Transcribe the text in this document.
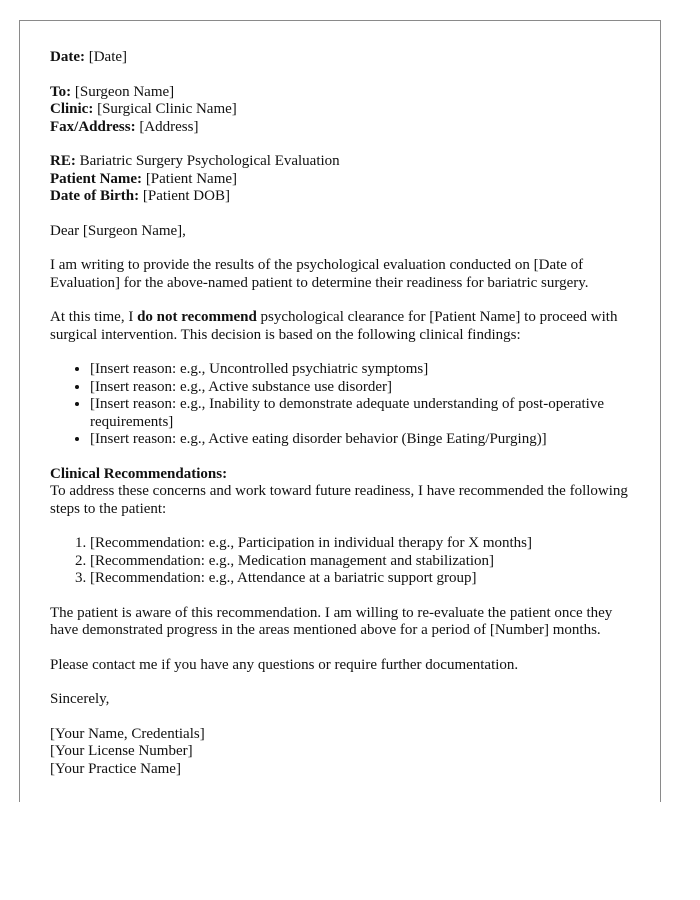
Date: [Date]

To: [Surgeon Name]

Clinic: [Surgical Clinic Name]

Fax/Address: [Address]

RE: Bariatric Surgery Psychological Evaluation

Patient Name: [Patient Name]

Date of Birth: [Patient DOB]

Dear [Surgeon Name],

I am writing to provide the results of the psychological evaluation conducted on [Date of Evaluation] for the above-named patient to determine their readiness for bariatric surgery.

At this time, I do not recommend psychological clearance for [Patient Name] to proceed with surgical intervention. This decision is based on the following clinical findings:

• [Insert reason: e.g., Uncontrolled psychiatric symptoms]
• [Insert reason: e.g., Active substance use disorder]
• [Insert reason: e.g., Inability to demonstrate adequate understanding of post-operative requirements]
• [Insert reason: e.g., Active eating disorder behavior (Binge Eating/Purging)]

Clinical Recommendations:

To address these concerns and work toward future readiness, I have recommended the following steps to the patient:

1. [Recommendation: e.g., Participation in individual therapy for X months]
2. [Recommendation: e.g., Medication management and stabilization]
3. [Recommendation: e.g., Attendance at a bariatric support group]

The patient is aware of this recommendation. I am willing to re-evaluate the patient once they have demonstrated progress in the areas mentioned above for a period of [Number] months.

Please contact me if you have any questions or require further documentation.

Sincerely,

[Your Name, Credentials]

[Your License Number]

[Your Practice Name]
